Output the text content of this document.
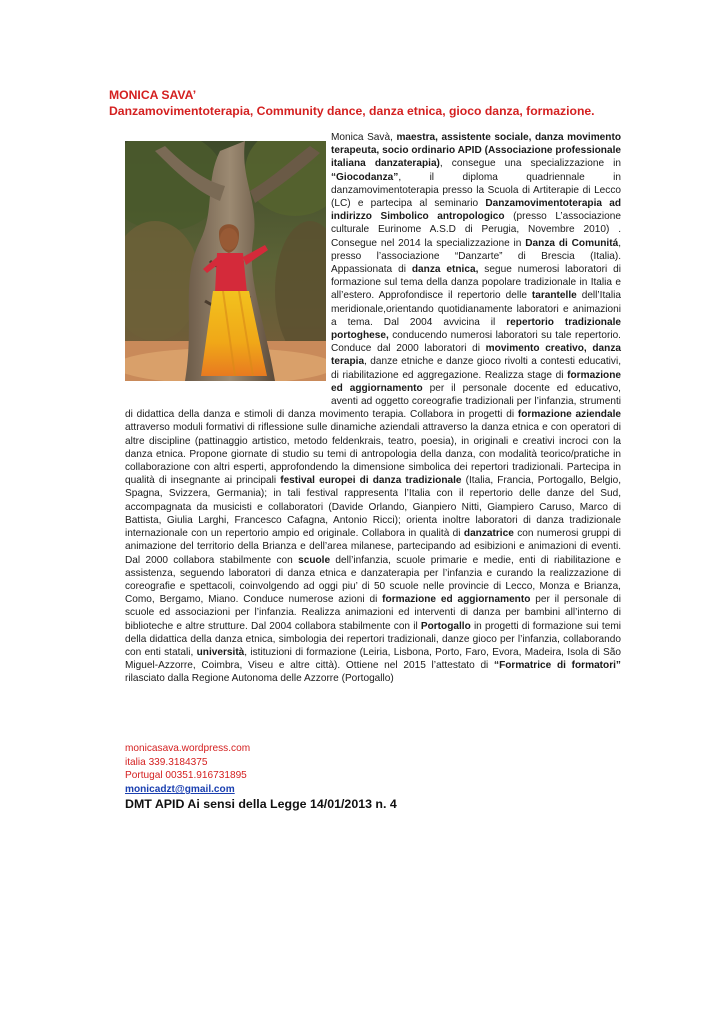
MONICA SAVA’
Danzamovimentoterapia, Community dance, danza etnica, gioco danza, formazione.
Monica Savà, maestra, assistente sociale, danza movimento terapeuta, socio ordinario APID (Associazione professionale italiana danzaterapia), consegue una specializzazione in “Giocodanza”, il diploma quadriennale in danzamovimentoterapia presso la Scuola di Artiterapie di Lecco (LC) e partecipa al seminario Danzamovimentoterapia ad indirizzo Simbolico antropologico (presso L’associazione culturale Eurinome A.S.D di Perugia, Novembre 2010) . Consegue nel 2014 la specializzazione in Danza di Comunitá, presso l’associazione “Danzarte” di Brescia (Italia). Appassionata di danza etnica, segue numerosi laboratori di formazione sul tema della danza popolare tradizionale in Italia e all’estero. Approfondisce il repertorio delle tarantelle dell’Italia meridionale,orientando quotidianamente laboratori e animazioni a tema. Dal 2004 avvicina il repertorio tradizionale portoghese, conducendo numerosi laboratori su tale repertorio. Conduce dal 2000 laboratori di movimento creativo, danza terapia, danze etniche e danze gioco rivolti a contesti educativi, di riabilitazione ed aggregazione. Realizza stage di formazione ed aggiornamento per il personale docente ed educativo, aventi ad oggetto coreografie tradizionali per l’infanzia, strumenti di didattica della danza e stimoli di danza movimento terapia. Collabora in progetti di formazione aziendale attraverso moduli formativi di riflessione sulle dinamiche aziendali attraverso la danza etnica e con operatori di altre discipline (pattinaggio artistico, metodo feldenkrais, teatro, poesia), in originali e creativi incroci con la danza etnica. Propone giornate di studio su temi di antropologia della danza, con modalità teorico/pratiche in collaborazione con altri esperti, approfondendo la dimensione simbolica dei repertori tradizionali. Partecipa in qualità di insegnante ai principali festival europei di danza tradizionale (Italia, Francia, Portogallo, Belgio, Spagna, Svizzera, Germania); in tali festival rappresenta l’Italia con il repertorio delle danze del Sud, accompagnata da musicisti e collaboratori (Davide Orlando, Gianpiero Nitti, Giampiero Caruso, Marco di Battista, Giulia Larghi, Francesco Cafagna, Antonio Ricci); orienta inoltre laboratori di danza tradizionale internazionale con un repertorio ampio ed originale. Collabora in qualità di danzatrice con numerosi gruppi di animazione del territorio della Brianza e dell’area milanese, partecipando ad esibizioni e animazioni di eventi. Dal 2000 collabora stabilmente con scuole dell’infanzia, scuole primarie e medie, enti di riabilitazione e assistenza, seguendo laboratori di danza etnica e danzaterapia per l’infanzia e curando la realizzazione di coreografie e spettacoli, coinvolgendo ad oggi piu’ di 50 scuole nelle provincie di Lecco, Monza e Brianza, Como, Bergamo, Miano. Conduce numerose azioni di formazione ed aggiornamento per il personale di scuole ed associazioni per l’infanzia. Realizza animazioni ed interventi di danza per bambini all’interno di biblioteche e altre strutture. Dal 2004 collabora stabilmente con il Portogallo in progetti di formazione sui temi della didattica della danza etnica, simbologia dei repertori tradizionali, danze gioco per l’infanzia, collaborando con enti statali, università, istituzioni di formazione (Leiria, Lisbona, Porto, Faro, Evora, Madeira, Isola di São Miguel-Azzorre, Coimbra, Viseu e altre città). Ottiene nel 2015 l’attestato di “Formatrice di formatori” rilasciato dalla Regione Autonoma delle Azzorre (Portogallo)
monicasava.wordpress.com
italia 339.3184375
Portugal 00351.916731895
monicadzt@gmail.com
DMT APID Ai sensi della Legge 14/01/2013 n. 4
